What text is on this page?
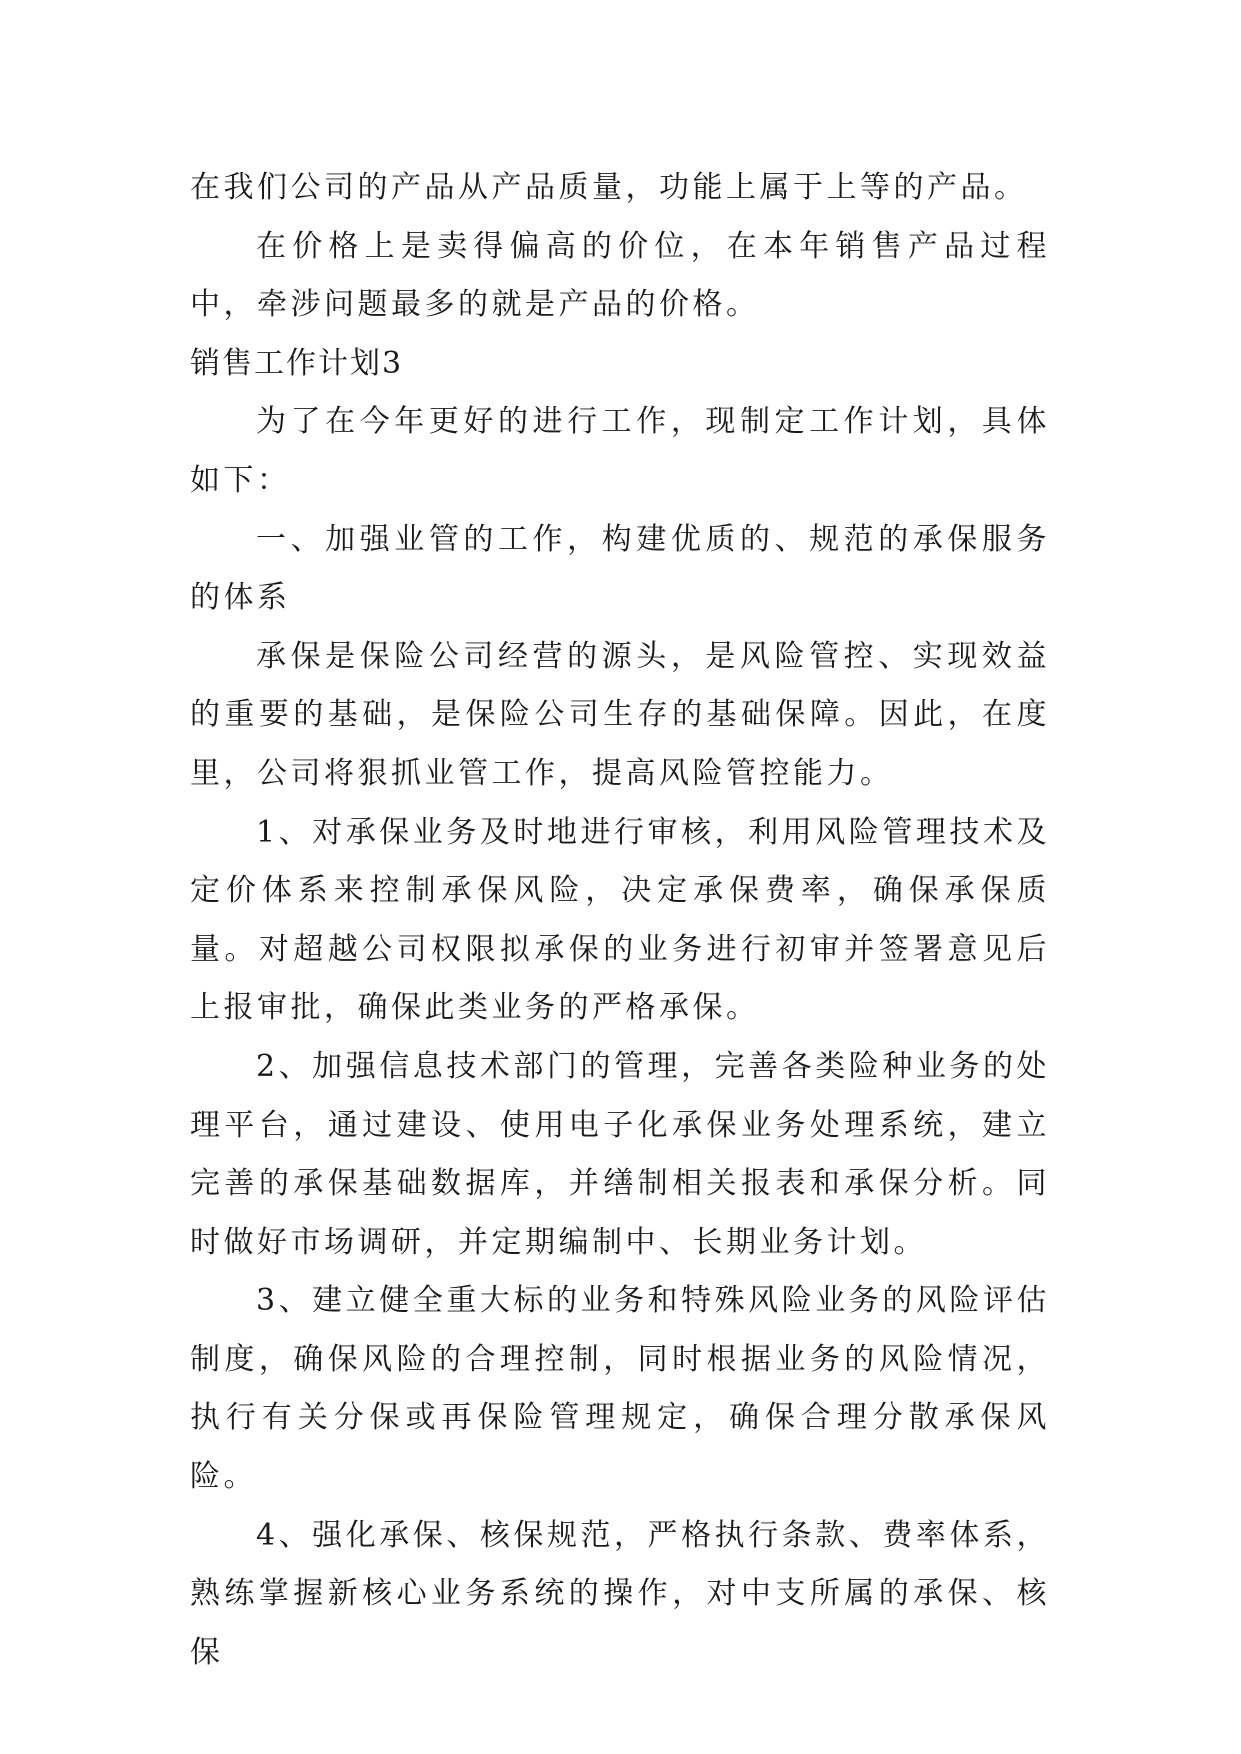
在我们公司的产品从产品质量，功能上属于上等的产品。

在价格上是卖得偏高的价位，在本年销售产品过程中，牵涉问题最多的就是产品的价格。

销售工作计划3

为了在今年更好的进行工作，现制定工作计划，具体如下：

一、加强业管的工作，构建优质的、规范的承保服务的体系

承保是保险公司经营的源头，是风险管控、实现效益的重要的基础，是保险公司生存的基础保障。因此，在度里，公司将狠抓业管工作，提高风险管控能力。

1、对承保业务及时地进行审核，利用风险管理技术及定价体系来控制承保风险，决定承保费率，确保承保质量。对超越公司权限拟承保的业务进行初审并签署意见后上报审批，确保此类业务的严格承保。

2、加强信息技术部门的管理，完善各类险种业务的处理平台，通过建设、使用电子化承保业务处理系统，建立完善的承保基础数据库，并缮制相关报表和承保分析。同时做好市场调研，并定期编制中、长期业务计划。

3、建立健全重大标的业务和特殊风险业务的风险评估制度，确保风险的合理控制，同时根据业务的风险情况，执行有关分保或再保险管理规定，确保合理分散承保风险。

4、强化承保、核保规范，严格执行条款、费率体系，熟练掌握新核心业务系统的操作，对中支所属的承保、核保
